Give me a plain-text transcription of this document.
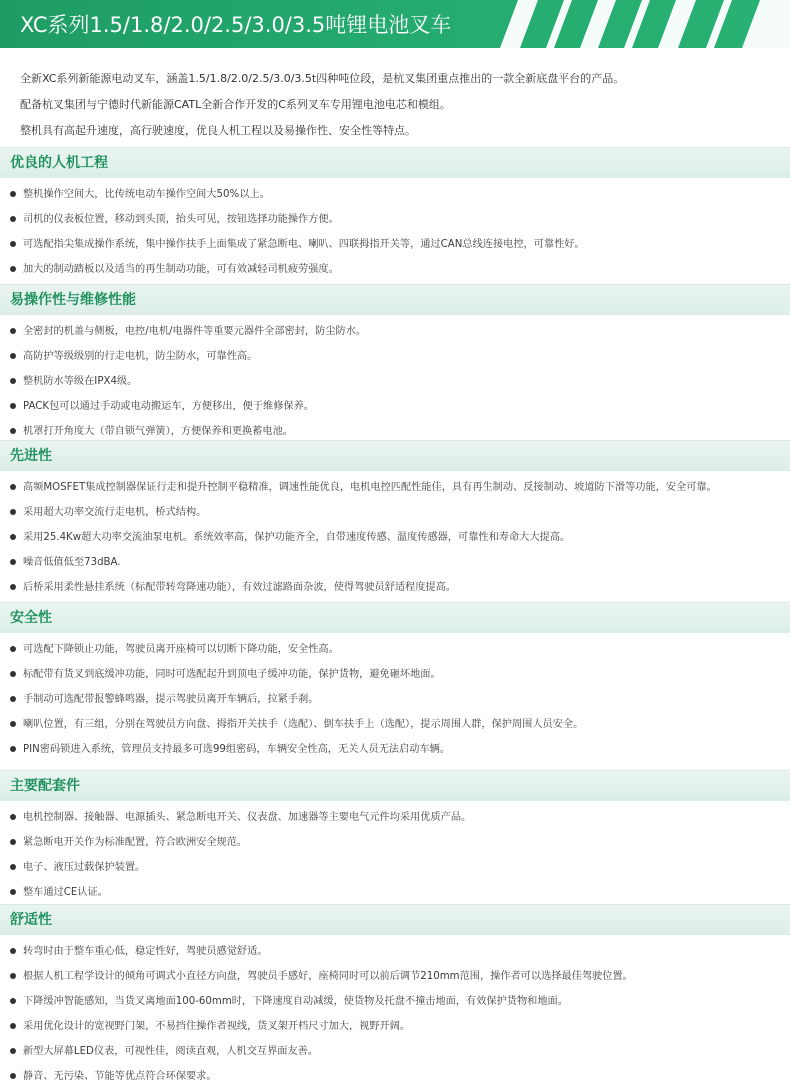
XC系列1.5/1.8/2.0/2.5/3.0/3.5吨锂电池叉车
全新XC系列新能源电动叉车，涵盖1.5/1.8/2.0/2.5/3.0/3.5t四种吨位段，是杭叉集团重点推出的一款全新底盘平台的产品。
配备杭叉集团与宁德时代新能源CATL全新合作开发的C系列叉车专用锂电池电芯和模组。
整机具有高起升速度，高行驶速度，优良人机工程以及易操作性、安全性等特点。
优良的人机工程
整机操作空间大，比传统电动车操作空间大50%以上。
司机的仪表板位置，移动到头顶，抬头可见，按钮选择功能操作方便。
可选配指尖集成操作系统，集中操作扶手上面集成了紧急断电、喇叭、四联拇指开关等，通过CAN总线连接电控，可靠性好。
加大的制动踏板以及适当的再生制动功能，可有效减轻司机疲劳强度。
易操作性与维修性能
全密封的机盖与侧板，电控/电机/电器件等重要元器件全部密封，防尘防水。
高防护等级级别的行走电机，防尘防水，可靠性高。
整机防水等级在IPX4级。
PACK包可以通过手动或电动搬运车，方便移出，便于维修保养。
机罩打开角度大（带自锁气弹簧），方便保养和更换蓄电池。
先进性
高频MOSFET集成控制器保证行走和提升控制平稳精准，调速性能优良，电机电控匹配性能佳，具有再生制动、反接制动、坡道防下滑等功能，安全可靠。
采用超大功率交流行走电机，桥式结构。
采用25.4Kw超大功率交流油泵电机。系统效率高，保护功能齐全，自带速度传感、温度传感器，可靠性和寿命大大提高。
噪音低值低至73dBA.
后桥采用柔性悬挂系统（标配带转弯降速功能），有效过滤路面杂波，使得驾驶员舒适程度提高。
安全性
可选配下降锁止功能，驾驶员离开座椅可以切断下降功能，安全性高。
标配带有货叉到底缓冲功能，同时可选配起升到顶电子缓冲功能，保护货物，避免砸坏地面。
手制动可选配带报警蜂鸣器，提示驾驶员离开车辆后，拉紧手刹。
喇叭位置，有三组，分别在驾驶员方向盘、拇指开关扶手（选配）、倒车扶手上（选配），提示周围人群，保护周围人员安全。
PIN密码锁进入系统，管理员支持最多可选99组密码，车辆安全性高，无关人员无法启动车辆。
主要配套件
电机控制器、接触器、电源插头、紧急断电开关、仪表盘、加速器等主要电气元件均采用优质产品。
紧急断电开关作为标准配置，符合欧洲安全规范。
电子、液压过载保护装置。
整车通过CE认证。
舒适性
转弯时由于整车重心低，稳定性好，驾驶员感觉舒适。
根据人机工程学设计的倾角可调式小直径方向盘，驾驶员手感好，座椅同时可以前后调节210mm范围，操作者可以选择最佳驾驶位置。
下降缓冲智能感知，当货叉离地面100-60mm时，下降速度自动减缓，使货物及托盘不撞击地面，有效保护货物和地面。
采用优化设计的宽视野门架，不易挡住操作者视线，货叉架开档尺寸加大，视野开阔。
新型大屏幕LED仪表，可视性佳，阅读直观，人机交互界面友善。
静音、无污染、节能等优点符合环保要求。
